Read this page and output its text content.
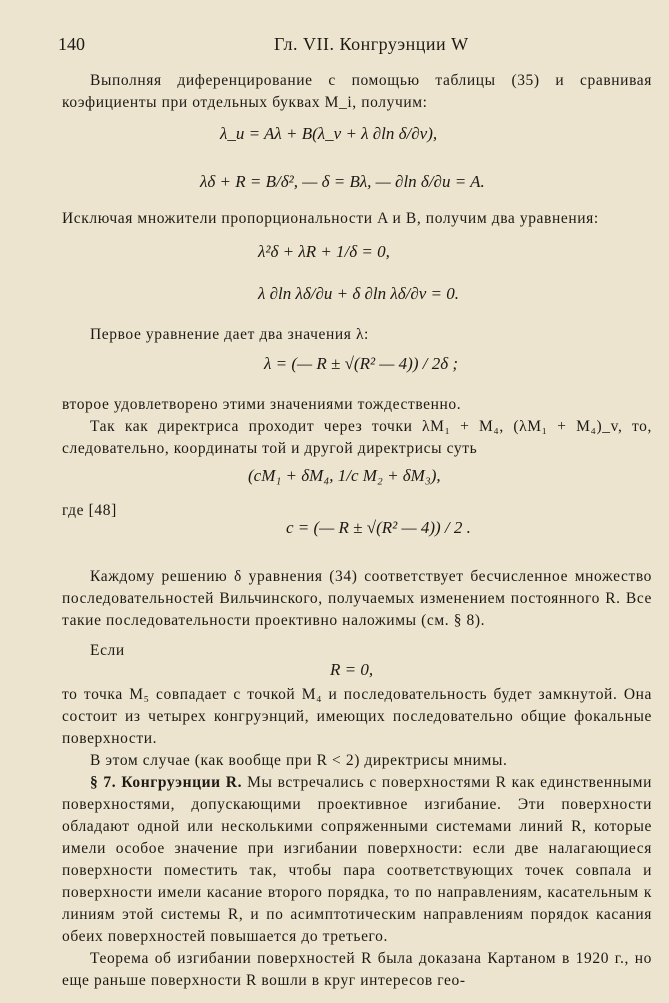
140	Гл. VII. Конгруэнции W
Выполняя диференцирование с помощью таблицы (35) и сравнивая коэфициенты при отдельных буквах M_i, получим:
λ_u = Aλ + B(λ_v + λ ∂ln δ/∂v),
λδ + R = B/δ², — δ = Bλ, — ∂ln δ/∂u = A.
Исключая множители пропорциональности A и B, получим два уравнения:
λ²δ + λR + 1/δ = 0,
λ ∂ln λδ/∂u + δ ∂ln λδ/∂v = 0.
Первое уравнение дает два значения λ:
λ = (— R ± √(R² — 4)) / 2δ ;
второе удовлетворено этими значениями тождественно.
Так как директриса проходит через точки λM₁ + M₄, (λM₁ + M₄)_v, то, следовательно, координаты той и другой директрисы суть
(cM₁ + δM₄, 1/c M₂ + δM₃),
где [48]
c = (— R ± √(R² — 4)) / 2 .
Каждому решению δ уравнения (34) соответствует бесчисленное множество последовательностей Вильчинского, получаемых изменением постоянного R. Все такие последовательности проективно наложимы (см. § 8).
Если
R = 0,
то точка M₅ совпадает с точкой M₄ и последовательность будет замкнутой. Она состоит из четырех конгруэнций, имеющих последовательно общие фокальные поверхности.
В этом случае (как вообще при R < 2) директрисы мнимы.
§ 7. Конгруэнции R. Мы встречались с поверхностями R как единственными поверхностями, допускающими проективное изгибание. Эти поверхности обладают одной или несколькими сопряженными системами линий R, которые имели особое значение при изгибании поверхности: если две налагающиеся поверхности поместить так, чтобы пара соответствующих точек совпала и поверхности имели касание второго порядка, то по направлениям, касательным к линиям этой системы R, и по асимптотическим направлениям порядок касания обеих поверхностей повышается до третьего.
Теорема об изгибании поверхностей R была доказана Картаном в 1920 г., но еще раньше поверхности R вошли в круг интересов гео-
